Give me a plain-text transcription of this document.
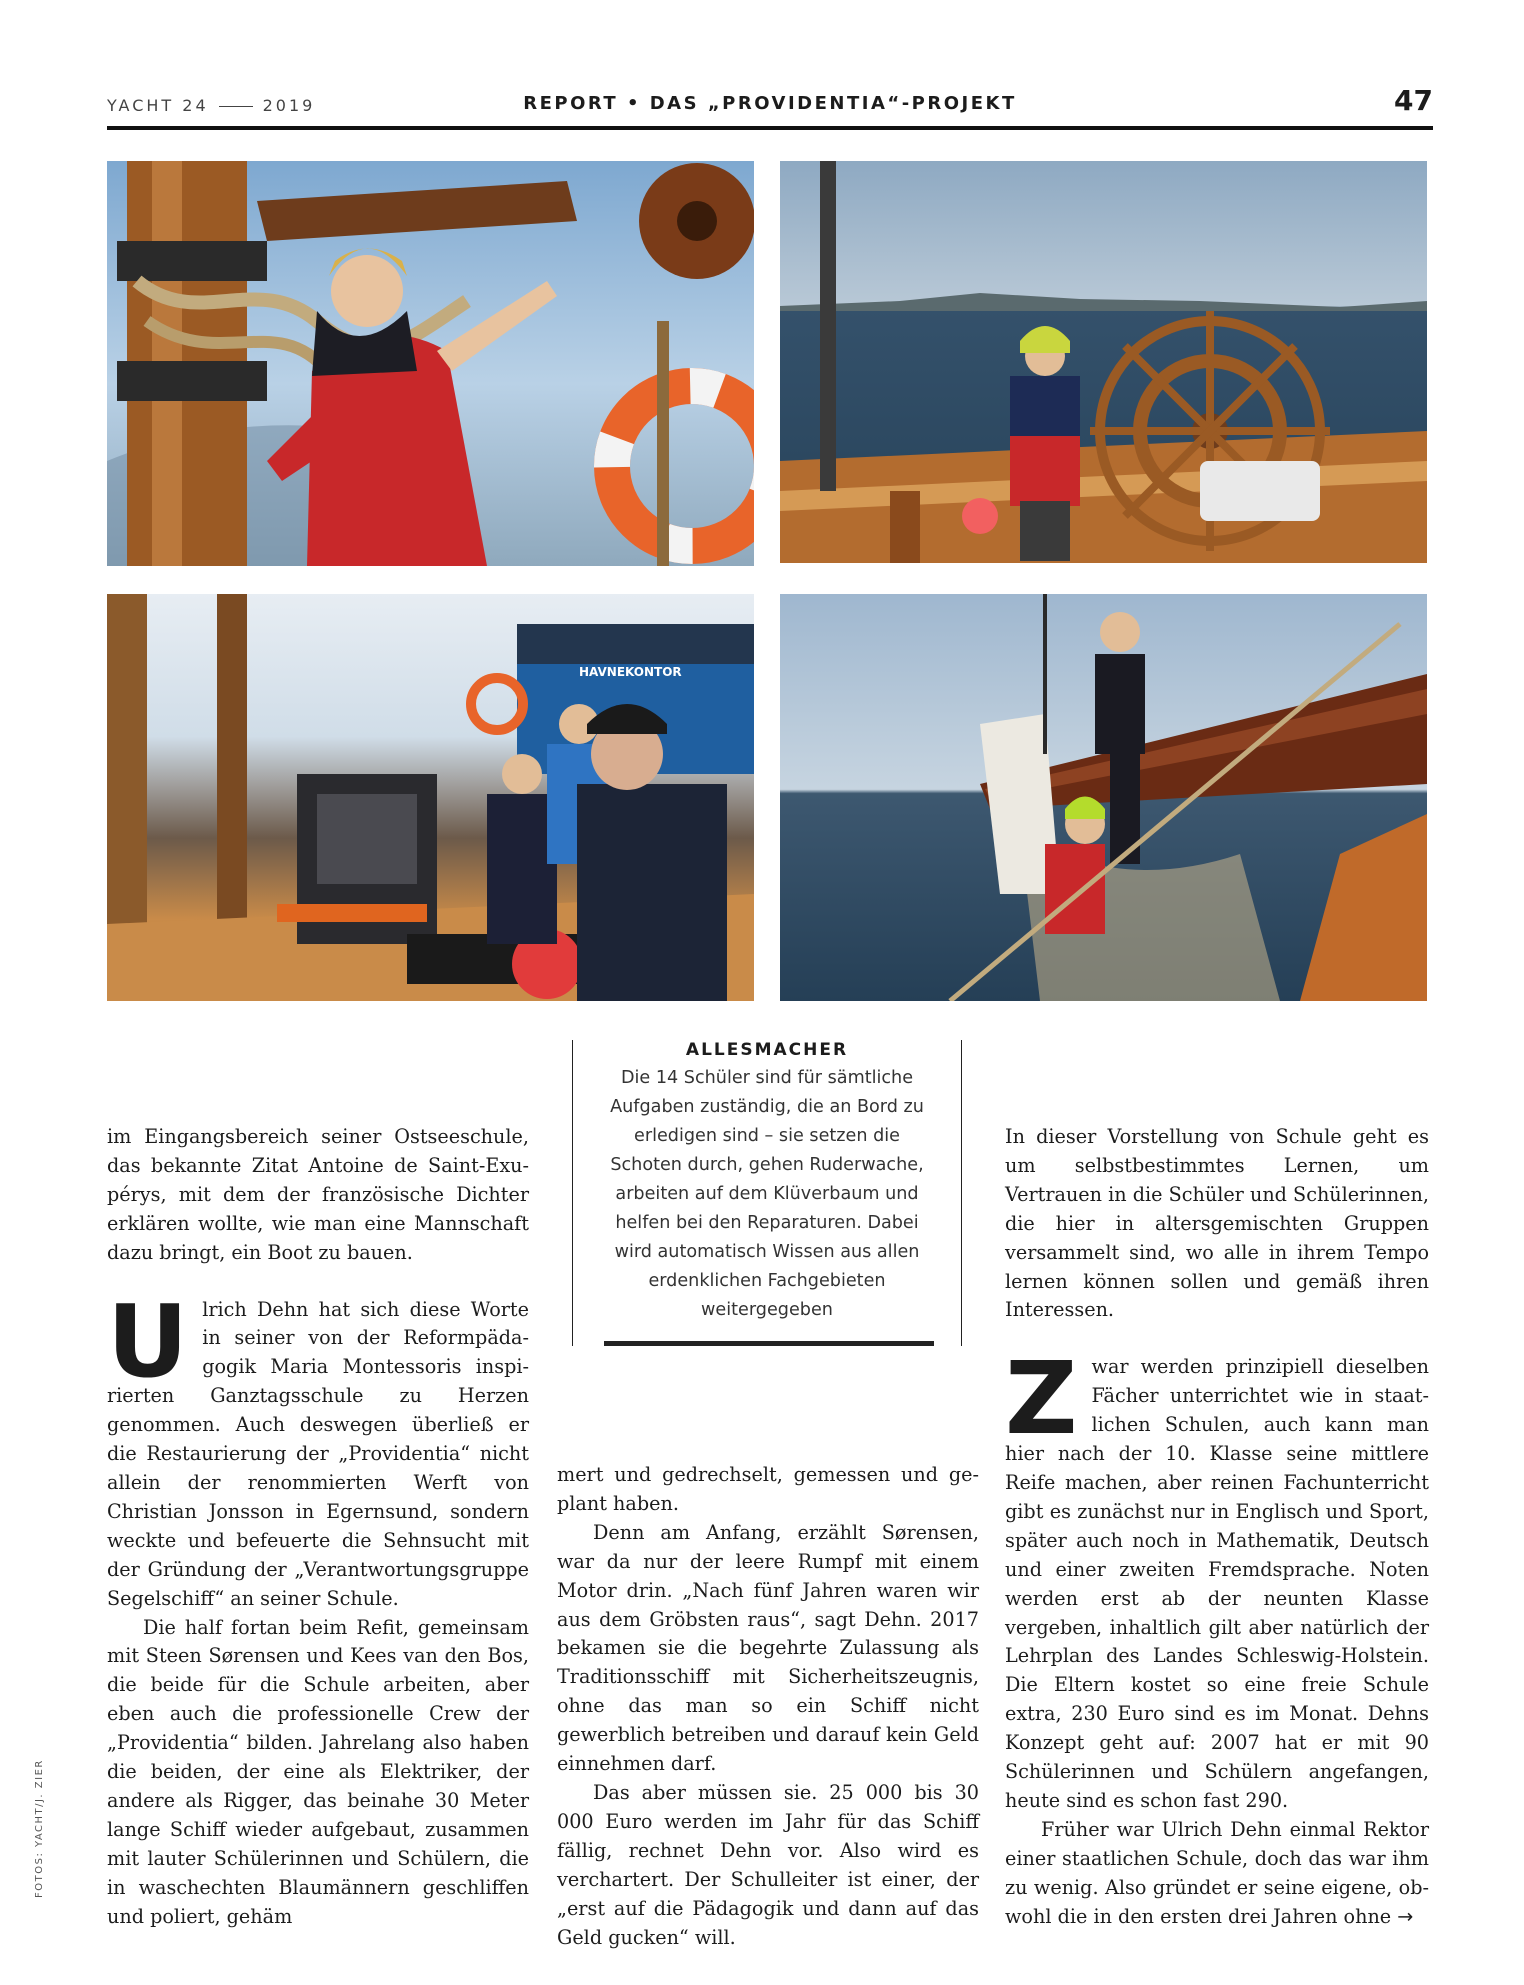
YACHT 24	2019	REPORT • DAS „PROVIDENTIA“-PROJEKT	47
HAVNEKONTOR
ALLESMACHER
Die 14 Schüler sind für sämtliche Aufgaben zuständig, die an Bord zu erledigen sind – sie setzen die Schoten durch, gehen Ruderwache, arbeiten auf dem Klüverbaum und helfen bei den Reparaturen. Dabei wird automatisch Wissen aus allen erdenklichen Fachgebieten weitergegeben

im Eingangsbereich seiner Ostseeschule, das bekannte Zitat Antoine de Saint-Exupérys, mit dem der französische Dichter erklären wollte, wie man eine Mannschaft dazu bringt, ein Boot zu bauen.

Ulrich Dehn hat sich diese Worte in seiner von der Reformpädagogik Maria Montessoris inspirierten Ganztagsschule zu Herzen genommen. Auch deswegen überließ er die Restaurierung der „Providentia“ nicht allein der renommierten Werft von Christian Jonsson in Egernsund, sondern weckte und befeuerte die Sehnsucht mit der Gründung der „Verantwortungsgruppe Segelschiff“ an seiner Schule.

Die half fortan beim Refit, gemeinsam mit Steen Sørensen und Kees van den Bos, die beide für die Schule arbeiten, aber eben auch die professionelle Crew der „Providentia“ bilden. Jahrelang also haben die beiden, der eine als Elektriker, der andere als Rigger, das beinahe 30 Meter lange Schiff wieder aufgebaut, zusammen mit lauter Schülerinnen und Schülern, die in waschechten Blaumännern geschliffen und poliert, gehäm

mert und gedrechselt, gemessen und geplant haben.

Denn am Anfang, erzählt Sørensen, war da nur der leere Rumpf mit einem Motor drin. „Nach fünf Jahren waren wir aus dem Gröbsten raus“, sagt Dehn. 2017 bekamen sie die begehrte Zulassung als Traditionsschiff mit Sicherheitszeugnis, ohne das man so ein Schiff nicht gewerblich betreiben und darauf kein Geld einnehmen darf.

Das aber müssen sie. 25 000 bis 30 000 Euro werden im Jahr für das Schiff fällig, rechnet Dehn vor. Also wird es verchartert. Der Schulleiter ist einer, der „erst auf die Pädagogik und dann auf das Geld gucken“ will.

In dieser Vorstellung von Schule geht es um selbstbestimmtes Lernen, um Vertrauen in die Schüler und Schülerinnen, die hier in altersgemischten Gruppen versammelt sind, wo alle in ihrem Tempo lernen können sollen und gemäß ihren Interessen.

Zwar werden prinzipiell dieselben Fächer unterrichtet wie in staatlichen Schulen, auch kann man hier nach der 10. Klasse seine mittlere Reife machen, aber reinen Fachunterricht gibt es zunächst nur in Englisch und Sport, später auch noch in Mathematik, Deutsch und einer zweiten Fremdsprache. Noten werden erst ab der neunten Klasse vergeben, inhaltlich gilt aber natürlich der Lehrplan des Landes Schleswig-Holstein. Die Eltern kostet so eine freie Schule extra, 230 Euro sind es im Monat. Dehns Konzept geht auf: 2007 hat er mit 90 Schülerinnen und Schülern angefangen, heute sind es schon fast 290.

Früher war Ulrich Dehn einmal Rektor einer staatlichen Schule, doch das war ihm zu wenig. Also gründet er seine eigene, obwohl die in den ersten drei Jahren ohne →

FOTOS: YACHT/J. ZIER
